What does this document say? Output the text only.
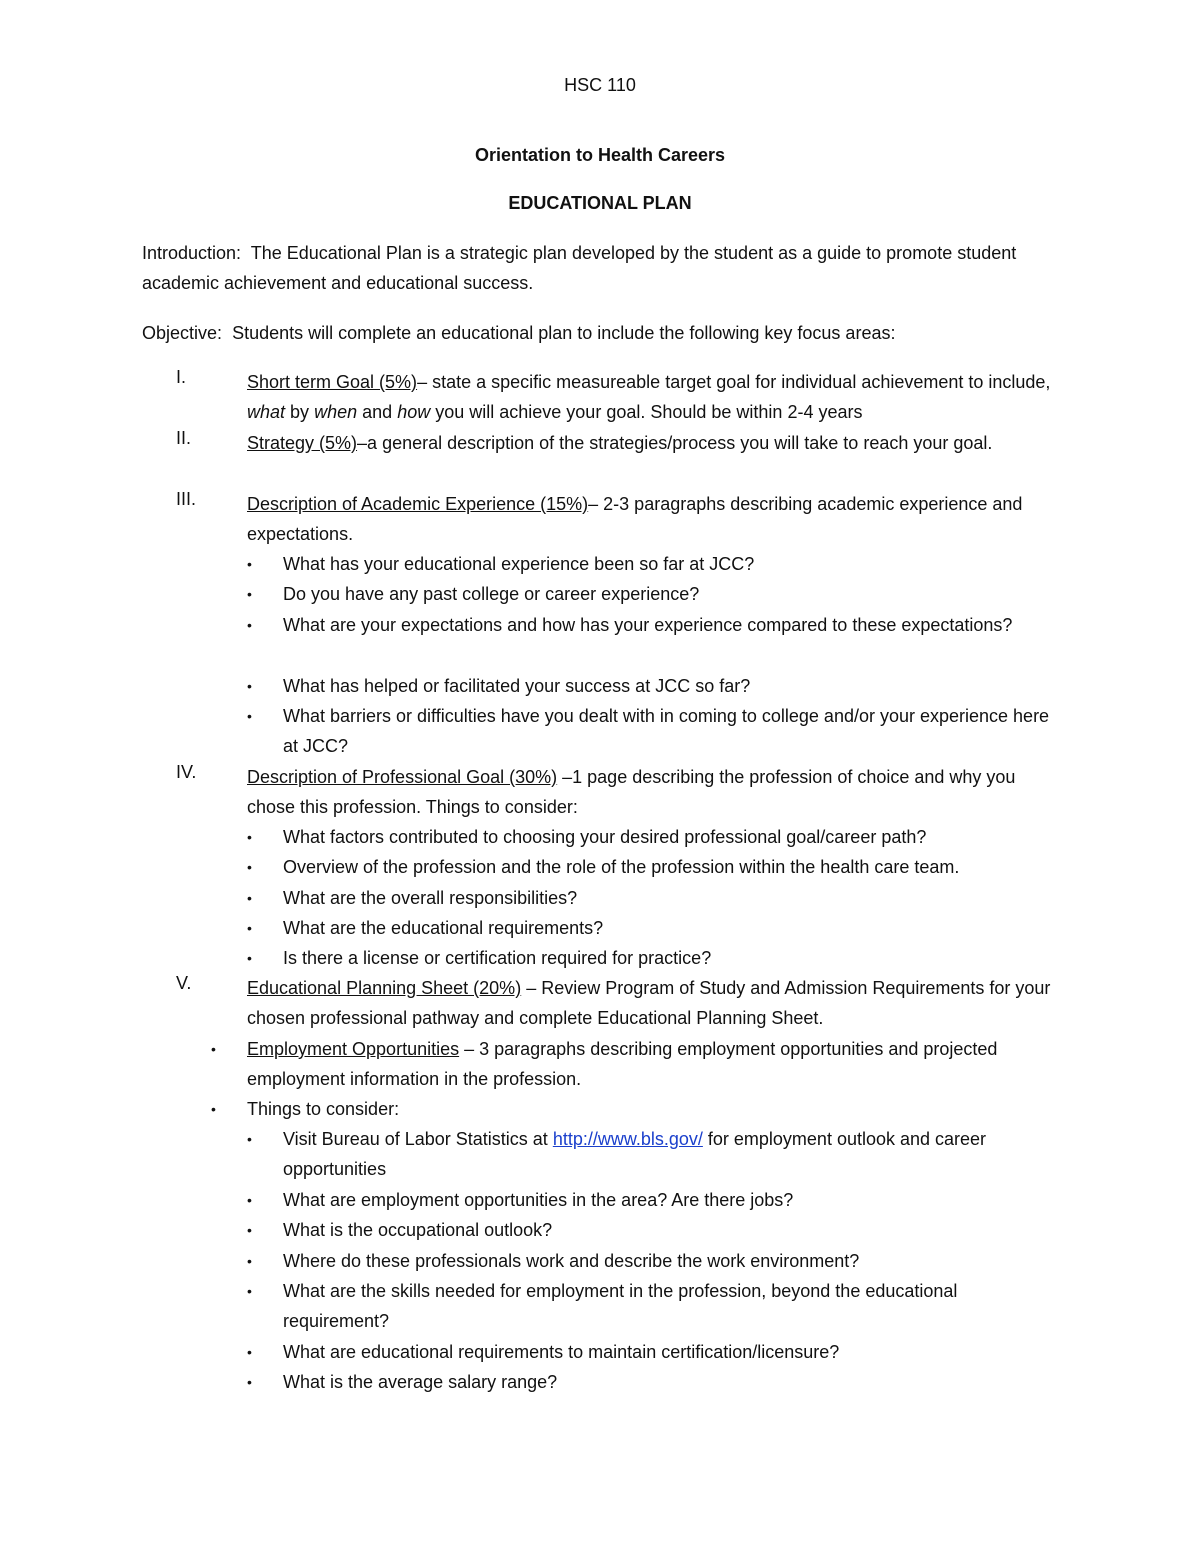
HSC 110
Orientation to Health Careers
EDUCATIONAL PLAN
Introduction: The Educational Plan is a strategic plan developed by the student as a guide to promote student academic achievement and educational success.
Objective: Students will complete an educational plan to include the following key focus areas:
I.	Short term Goal (5%)– state a specific measureable target goal for individual achievement to include, what by when and how you will achieve your goal. Should be within 2-4 years
II.	Strategy (5%)–a general description of the strategies/process you will take to reach your goal.
III.	Description of Academic Experience (15%)– 2-3 paragraphs describing academic experience and expectations.
• What has your educational experience been so far at JCC?
• Do you have any past college or career experience?
• What are your expectations and how has your experience compared to these expectations?
• What has helped or facilitated your success at JCC so far?
• What barriers or difficulties have you dealt with in coming to college and/or your experience here at JCC?
IV.	Description of Professional Goal (30%) –1 page describing the profession of choice and why you chose this profession. Things to consider:
• What factors contributed to choosing your desired professional goal/career path?
• Overview of the profession and the role of the profession within the health care team.
• What are the overall responsibilities?
• What are the educational requirements?
• Is there a license or certification required for practice?
V.	Educational Planning Sheet (20%) – Review Program of Study and Admission Requirements for your chosen professional pathway and complete Educational Planning Sheet.
• Employment Opportunities – 3 paragraphs describing employment opportunities and projected employment information in the profession.
• Things to consider:
• Visit Bureau of Labor Statistics at http://www.bls.gov/ for employment outlook and career opportunities
• What are employment opportunities in the area? Are there jobs?
• What is the occupational outlook?
• Where do these professionals work and describe the work environment?
• What are the skills needed for employment in the profession, beyond the educational requirement?
• What are educational requirements to maintain certification/licensure?
• What is the average salary range?
